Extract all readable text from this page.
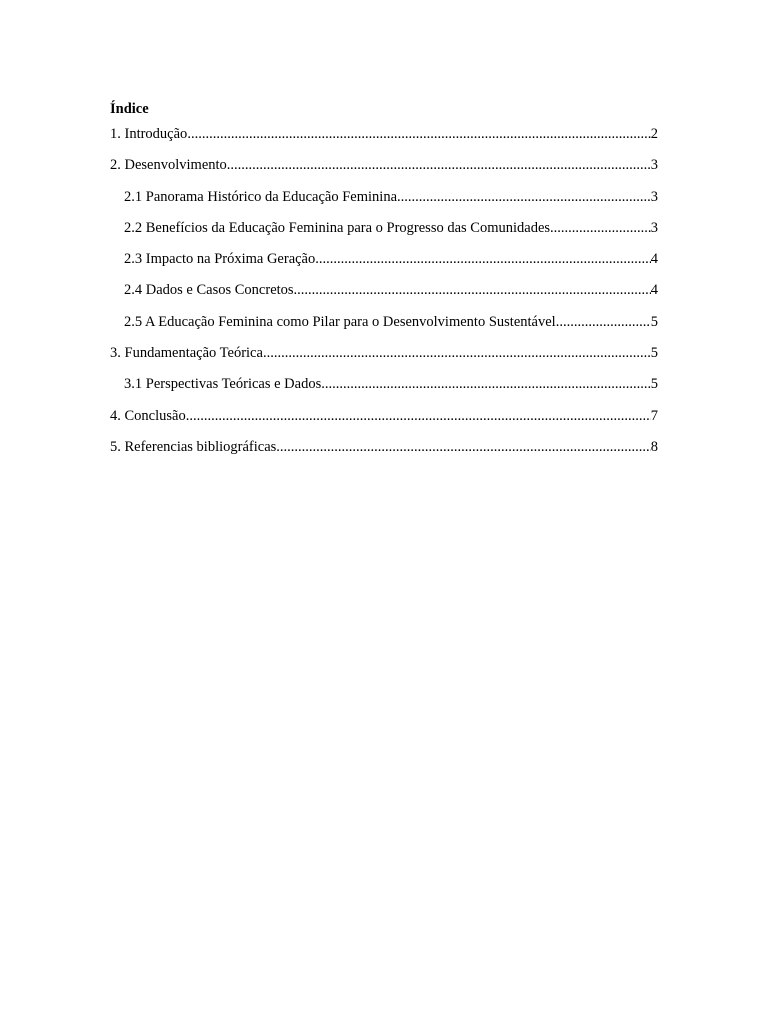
Índice
1. Introdução .....	2
2. Desenvolvimento .....	3
2.1 Panorama Histórico da Educação Feminina .....	3
2.2 Benefícios da Educação Feminina para o Progresso das Comunidades .....	3
2.3 Impacto na Próxima Geração .....	4
2.4 Dados e Casos Concretos .....	4
2.5 A Educação Feminina como Pilar para o Desenvolvimento Sustentável .....	5
3. Fundamentação Teórica .....	5
3.1 Perspectivas Teóricas e Dados .....	5
4. Conclusão .....	7
5. Referencias bibliográficas .....	8
